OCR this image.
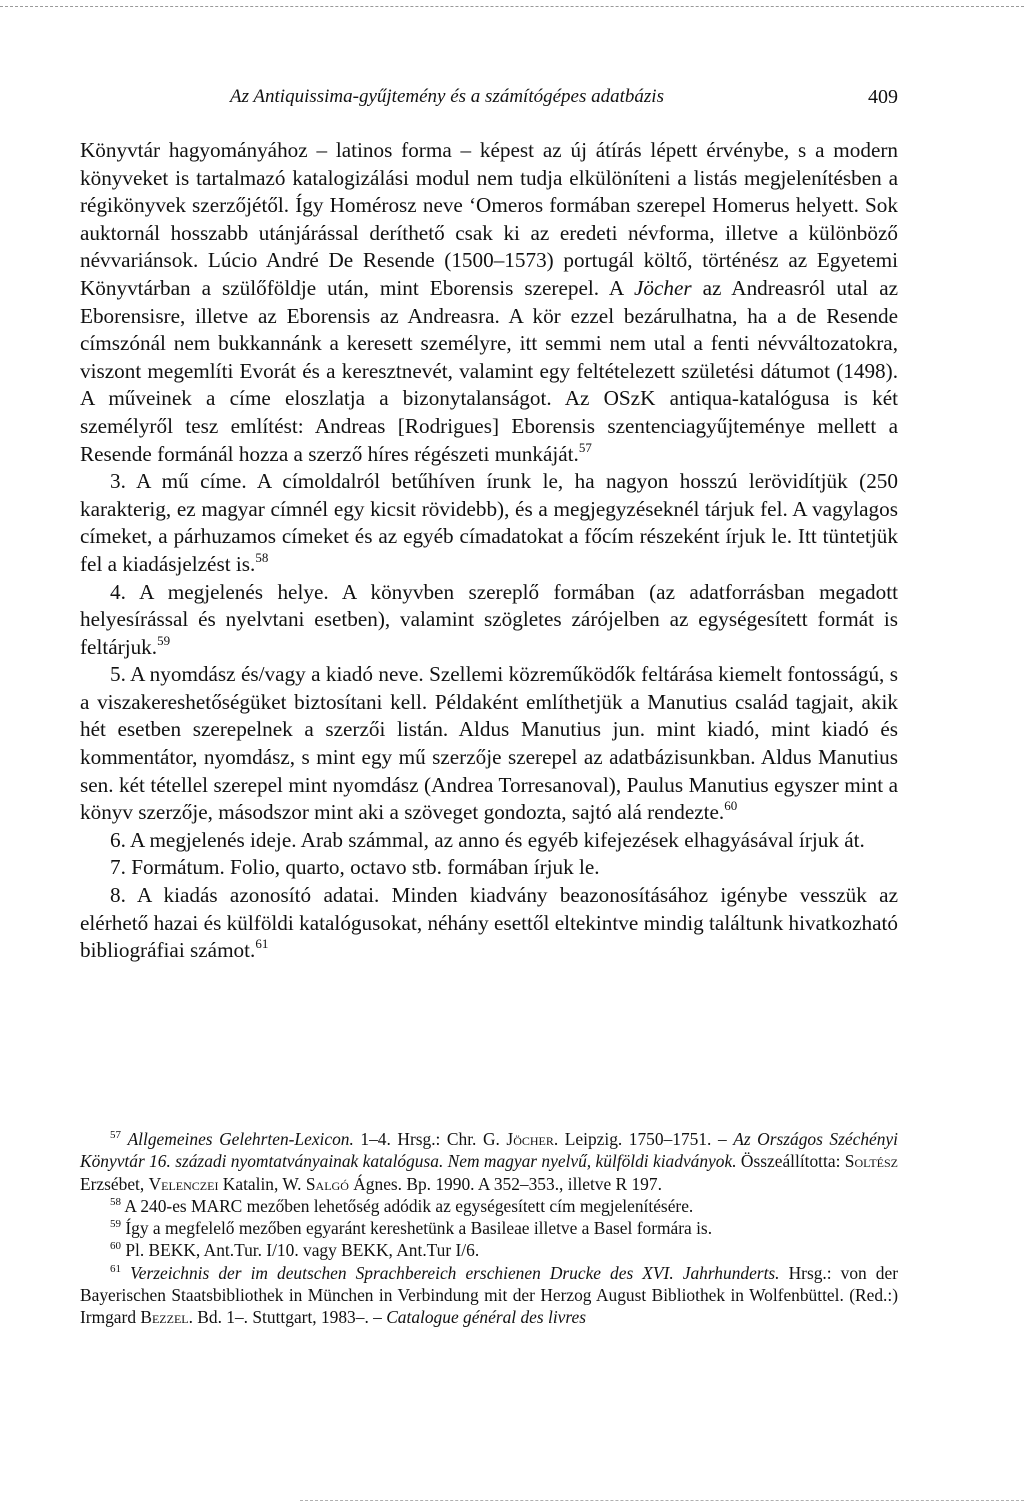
Az Antiquissima-gyűjtemény és a számítógépes adatbázis	409

Könyvtár hagyományához – latinos forma – képest az új átírás lépett érvénybe, s a modern könyveket is tartalmazó katalogizálási modul nem tudja elkülöníteni a listás megjelenítésben a régikönyvek szerzőjétől. Így Homérosz neve ‘Omeros formában szerepel Homerus helyett. Sok auktornál hosszabb utánjárással deríthető csak ki az eredeti névforma, illetve a különböző névvariánsok. Lúcio André De Resende (1500–1573) portugál költő, történész az Egyetemi Könyvtárban a szülőföldje után, mint Eborensis szerepel. A Jöcher az Andreasról utal az Eborensisre, illetve az Eborensis az Andreasra. A kör ezzel bezárulhatna, ha a de Resende címszónál nem bukkannánk a keresett személyre, itt semmi nem utal a fenti névváltozatokra, viszont megemlíti Evorát és a keresztnevét, valamint egy feltételezett születési dátumot (1498). A műveinek a címe eloszlatja a bizonytalanságot. Az OSzK antiqua-katalógusa is két személyről tesz említést: Andreas [Rodrigues] Eborensis szentenciagyűjteménye mellett a Resende formánál hozza a szerző híres régészeti munkáját.$^{57}$

3. A mű címe. A címoldalról betűhíven írunk le, ha nagyon hosszú lerövidítjük (250 karakterig, ez magyar címnél egy kicsit rövidebb), és a megjegyzéseknél tárjuk fel. A vagylagos címeket, a párhuzamos címeket és az egyéb címadatokat a főcím részeként írjuk le. Itt tüntetjük fel a kiadásjelzést is.$^{58}$

4. A megjelenés helye. A könyvben szereplő formában (az adatforrásban megadott helyesírással és nyelvtani esetben), valamint szögletes zárójelben az egységesített formát is feltárjuk.$^{59}$

5. A nyomdász és/vagy a kiadó neve. Szellemi közreműködők feltárása kiemelt fontosságú, s a viszakereshetőségüket biztosítani kell. Példaként említhetjük a Manutius család tagjait, akik hét esetben szerepelnek a szerzői listán. Aldus Manutius jun. mint kiadó, mint kiadó és kommentátor, nyomdász, s mint egy mű szerzője szerepel az adatbázisunkban. Aldus Manutius sen. két tétellel szerepel mint nyomdász (Andrea Torresanoval), Paulus Manutius egyszer mint a könyv szerzője, másodszor mint aki a szöveget gondozta, sajtó alá rendezte.$^{60}$

6. A megjelenés ideje. Arab számmal, az anno és egyéb kifejezések elhagyásával írjuk át.

7. Formátum. Folio, quarto, octavo stb. formában írjuk le.

8. A kiadás azonosító adatai. Minden kiadvány beazonosításához igénybe vesszük az elérhető hazai és külföldi katalógusokat, néhány esettől eltekintve mindig találtunk hivatkozható bibliográfiai számot.$^{61}$

$^{57}$ Allgemeines Gelehrten-Lexicon. 1–4. Hrsg.: Chr. G. Jöcher. Leipzig. 1750–1751. – Az Országos Széchényi Könyvtár 16. századi nyomtatványainak katalógusa. Nem magyar nyelvű, külföldi kiadványok. Összeállította: Soltész Erzsébet, Velenczei Katalin, W. Salgó Ágnes. Bp. 1990. A 352–353., illetve R 197.

$^{58}$ A 240-es MARC mezőben lehetőség adódik az egységesített cím megjelenítésére.

$^{59}$ Így a megfelelő mezőben egyaránt kereshetünk a Basileae illetve a Basel formára is.

$^{60}$ Pl. BEKK, Ant.Tur. I/10. vagy BEKK, Ant.Tur I/6.

$^{61}$ Verzeichnis der im deutschen Sprachbereich erschienen Drucke des XVI. Jahrhunderts. Hrsg.: von der Bayerischen Staatsbibliothek in München in Verbindung mit der Herzog August Bibliothek in Wolfenbüttel. (Red.:) Irmgard Bezzel. Bd. 1–. Stuttgart, 1983–. – Catalogue général des livres
